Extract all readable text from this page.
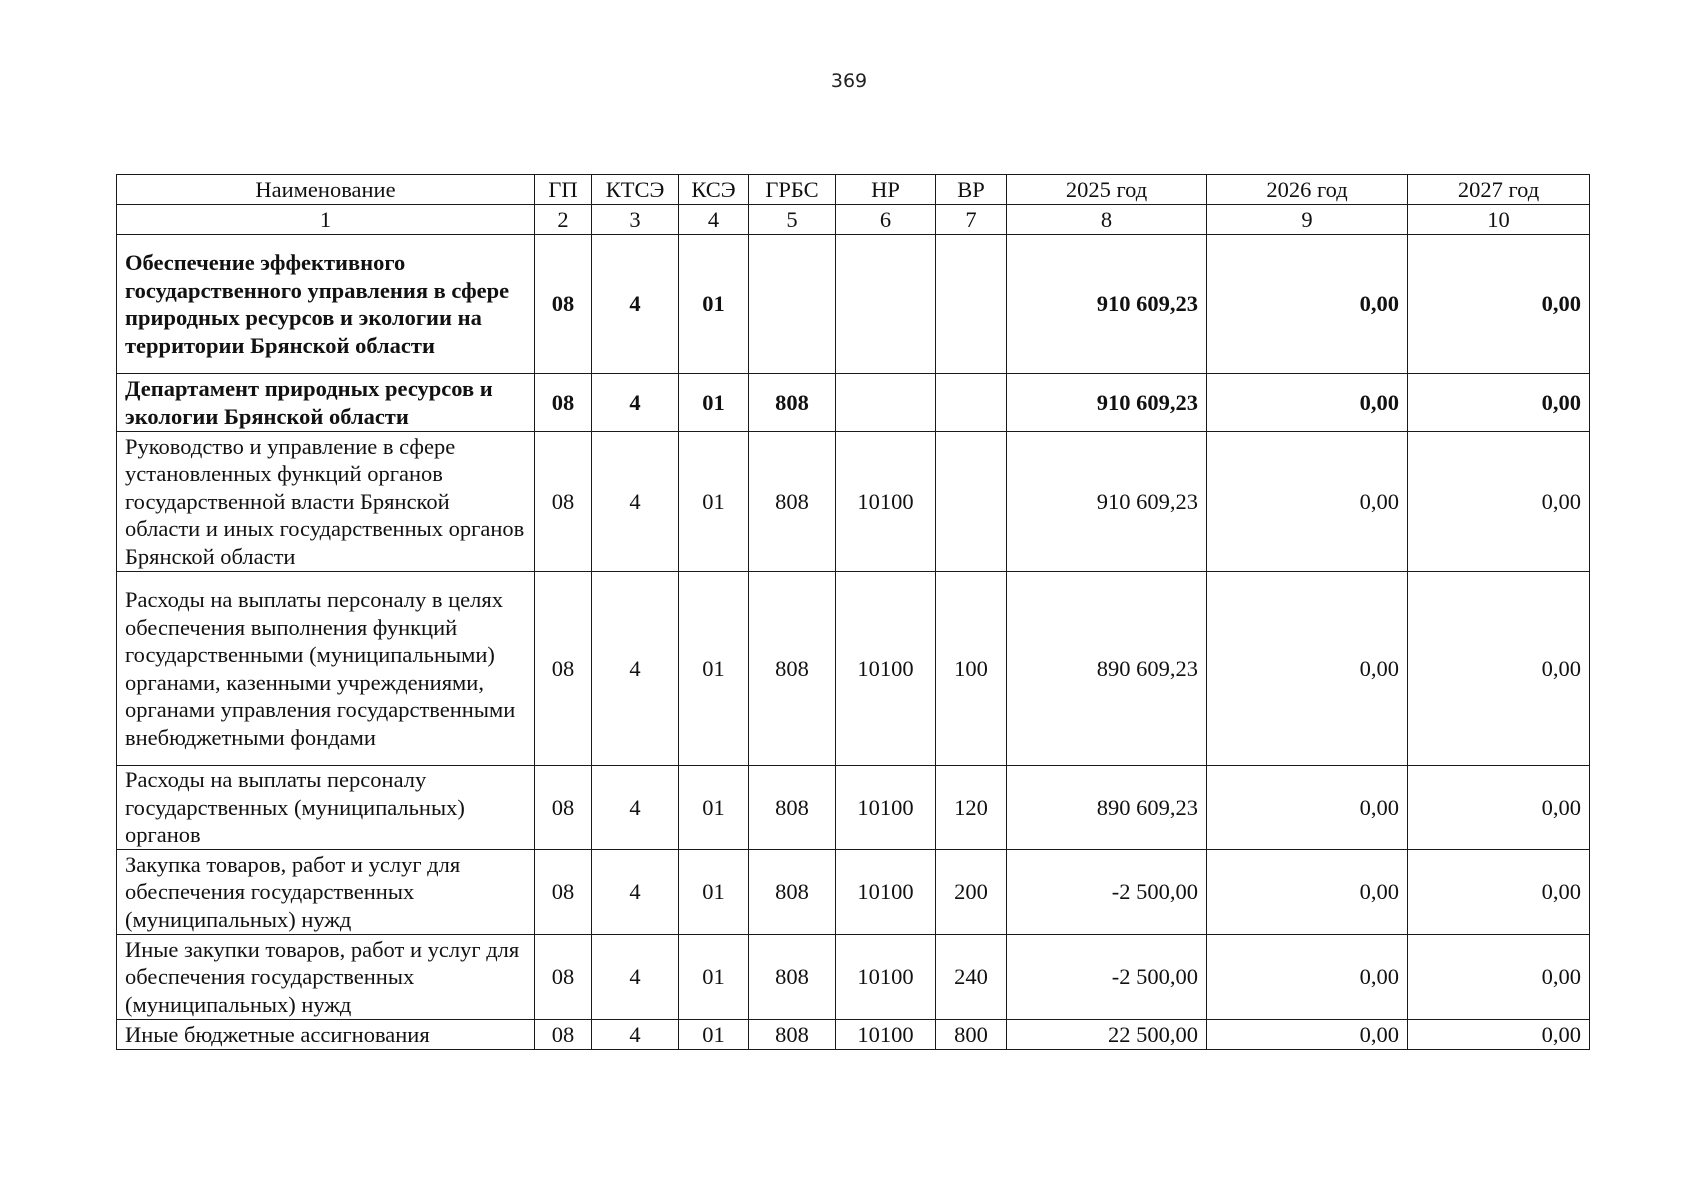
369
Наименование	ГП	КТСЭ	КСЭ	ГРБС	НР	ВР	2025 год	2026 год	2027 год
1	2	3	4	5	6	7	8	9	10
Обеспечение эффективного государственного управления в сфере природных ресурсов и экологии на территории Брянской области	08	4	01				910 609,23	0,00	0,00
Департамент природных ресурсов и экологии Брянской области	08	4	01	808			910 609,23	0,00	0,00
Руководство и управление в сфере установленных функций органов государственной власти Брянской области и иных государственных органов Брянской области	08	4	01	808	10100		910 609,23	0,00	0,00
Расходы на выплаты персоналу в целях обеспечения выполнения функций государственными (муниципальными) органами, казенными учреждениями, органами управления государственными внебюджетными фондами	08	4	01	808	10100	100	890 609,23	0,00	0,00
Расходы на выплаты персоналу государственных (муниципальных) органов	08	4	01	808	10100	120	890 609,23	0,00	0,00
Закупка товаров, работ и услуг для обеспечения государственных (муниципальных) нужд	08	4	01	808	10100	200	-2 500,00	0,00	0,00
Иные закупки товаров, работ и услуг для обеспечения государственных (муниципальных) нужд	08	4	01	808	10100	240	-2 500,00	0,00	0,00
Иные бюджетные ассигнования	08	4	01	808	10100	800	22 500,00	0,00	0,00
